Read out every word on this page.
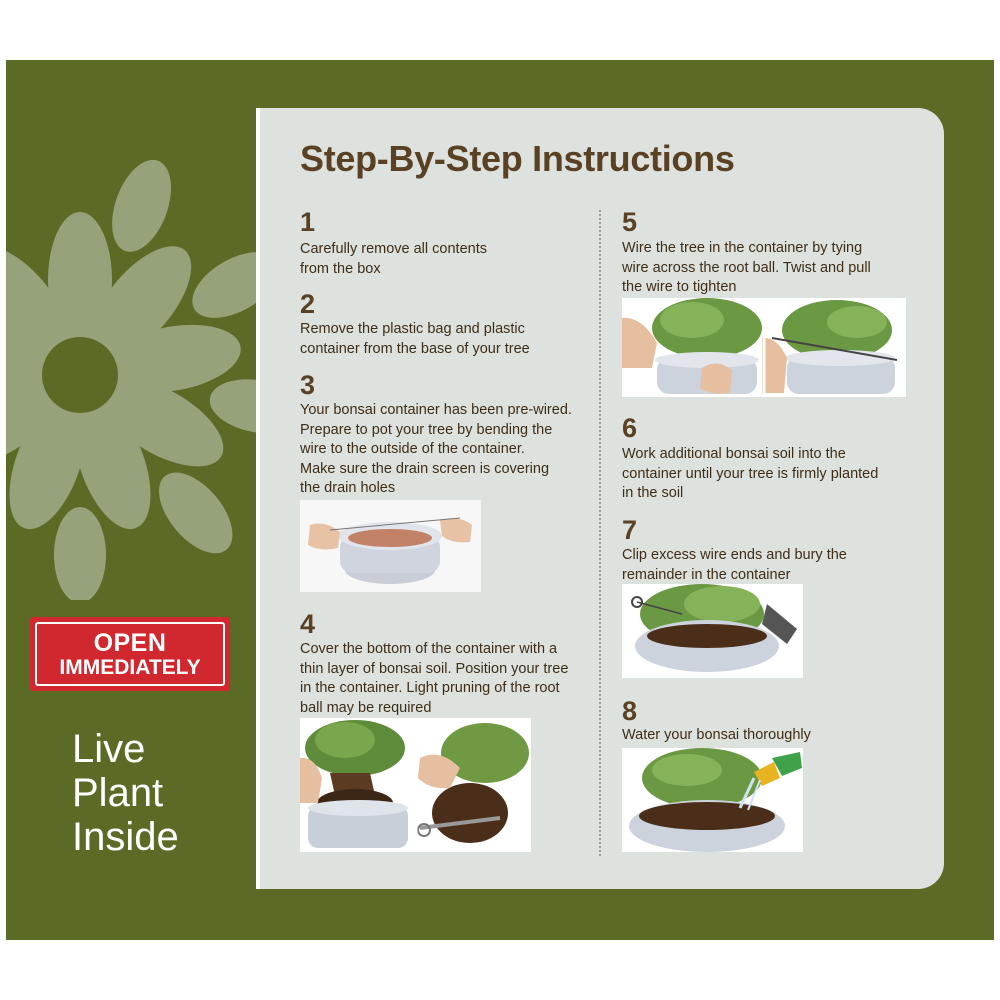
OPEN
IMMEDIATELY
Live
Plant
Inside
Step-By-Step Instructions
1
Carefully remove all contents
from the box
2
Remove the plastic bag and plastic
container from the base of your tree
3
Your bonsai container has been pre-wired.
Prepare to pot your tree by bending the
wire to the outside of the container.
Make sure the drain screen is covering
the drain holes
4
Cover the bottom of the container with a
thin layer of bonsai soil. Position your tree
in the container. Light pruning of the root
ball may be required
5
Wire the tree in the container by tying
wire across the root ball. Twist and pull
the wire to tighten
6
Work additional bonsai soil into the
container until your tree is firmly planted
in the soil
7
Clip excess wire ends and bury the
remainder in the container
8
Water your bonsai thoroughly
